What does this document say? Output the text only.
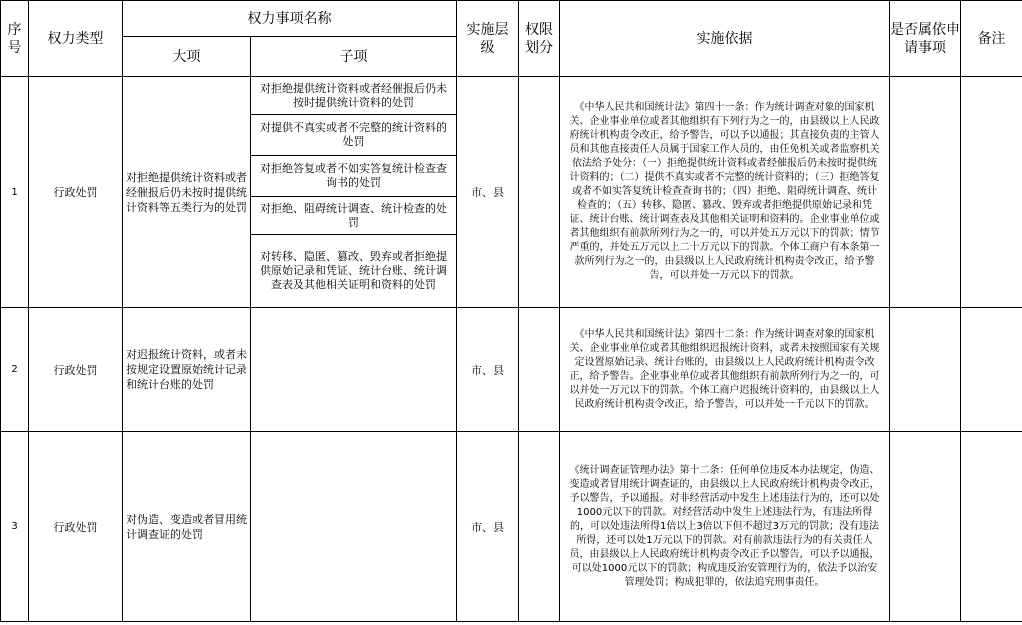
序号	权力类型	权力事项名称		实施层级	权限划分	实施依据	是否属依申请事项	备注
		大项	子项					
1	行政处罚	对拒绝提供统计资料或者经催报后仍未按时提供统计资料等五类行为的处罚	对拒绝提供统计资料或者经催报后仍未按时提供统计资料的处罚	市、县		《中华人民共和国统计法》第四十一条：作为统计调查对象的国家机关、企业事业单位或者其他组织有下列行为之一的，由县级以上人民政府统计机构责令改正，给予警告，可以予以通报；其直接负责的主管人员和其他直接责任人员属于国家工作人员的，由任免机关或者监察机关依法给予处分：（一）拒绝提供统计资料或者经催报后仍未按时提供统计资料的；（二）提供不真实或者不完整的统计资料的；（三）拒绝答复或者不如实答复统计检查查询书的；（四）拒绝、阻碍统计调查、统计检查的；（五）转移、隐匿、篡改、毁弃或者拒绝提供原始记录和凭证、统计台账、统计调查表及其他相关证明和资料的。企业事业单位或者其他组织有前款所列行为之一的，可以并处五万元以下的罚款；情节严重的，并处五万元以上二十万元以下的罚款。个体工商户有本条第一款所列行为之一的，由县级以上人民政府统计机构责令改正，给予警告，可以并处一万元以下的罚款。		
			对提供不真实或者不完整的统计资料的处罚					
			对拒绝答复或者不如实答复统计检查查询书的处罚					
			对拒绝、阻碍统计调查、统计检查的处罚					
			对转移、隐匿、篡改、毁弃或者拒绝提供原始记录和凭证、统计台账、统计调查表及其他相关证明和资料的处罚					
2	行政处罚	对迟报统计资料，或者未按规定设置原始统计记录和统计台账的处罚		市、县		《中华人民共和国统计法》第四十二条：作为统计调查对象的国家机关、企业事业单位或者其他组织迟报统计资料，或者未按照国家有关规定设置原始记录、统计台账的，由县级以上人民政府统计机构责令改正，给予警告。企业事业单位或者其他组织有前款所列行为之一的，可以并处一万元以下的罚款。个体工商户迟报统计资料的，由县级以上人民政府统计机构责令改正，给予警告，可以并处一千元以下的罚款。		
3	行政处罚	对伪造、变造或者冒用统计调查证的处罚		市、县		《统计调查证管理办法》第十二条：任何单位违反本办法规定，伪造、变造或者冒用统计调查证的，由县级以上人民政府统计机构责令改正，予以警告，予以通报。对非经营活动中发生上述违法行为的，还可以处1000元以下的罚款。对经营活动中发生上述违法行为，有违法所得的，可以处违法所得1倍以上3倍以下但不超过3万元的罚款；没有违法所得，还可以处1万元以下的罚款。对有前款违法行为的有关责任人员，由县级以上人民政府统计机构责令改正予以警告，可以予以通报，可以处1000元以下的罚款；构成违反治安管理行为的，依法予以治安管理处罚；构成犯罪的，依法追究刑事责任。		
